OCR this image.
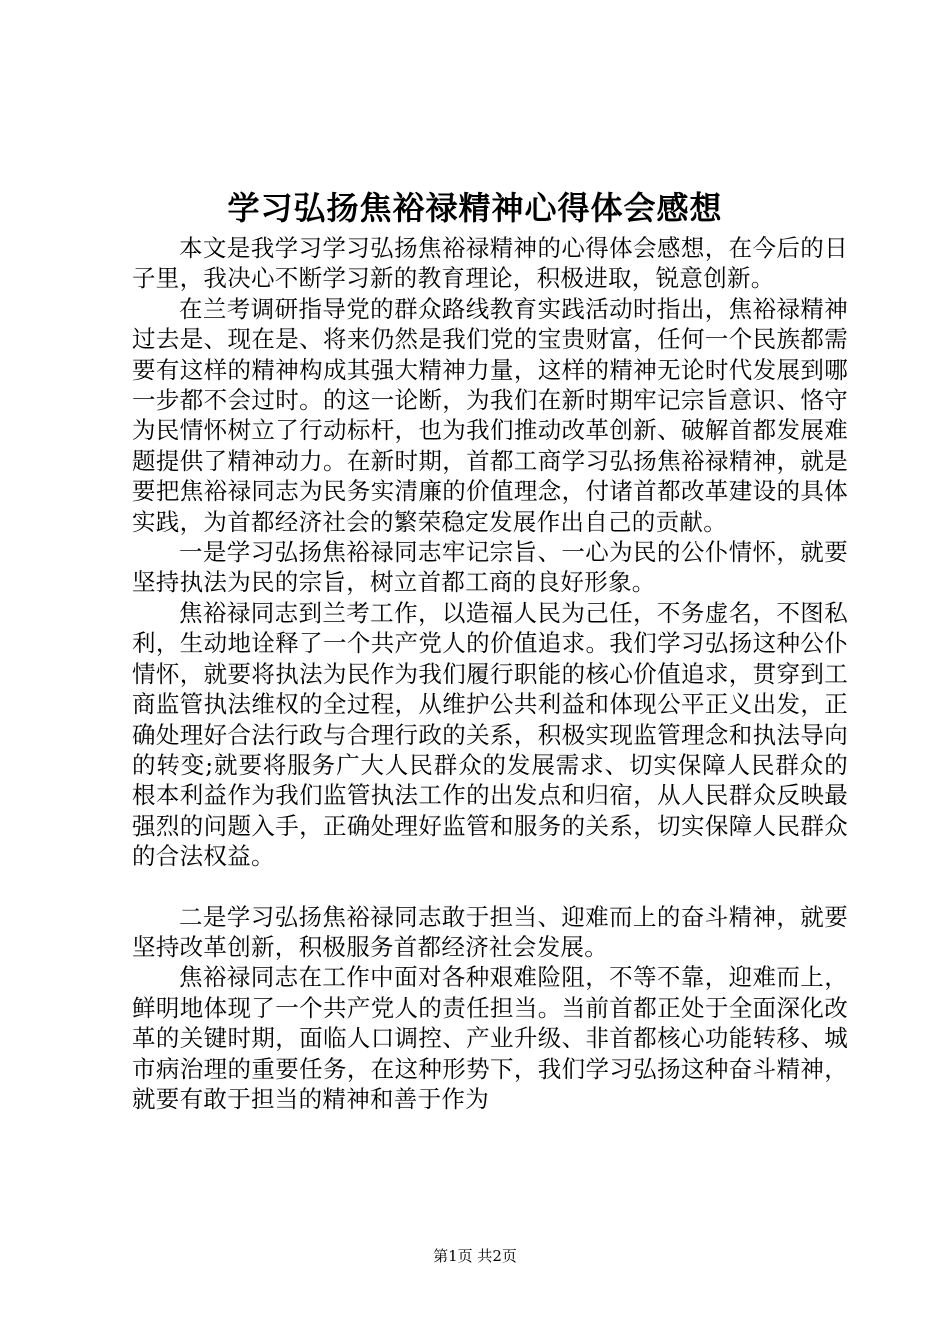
学习弘扬焦裕禄精神心得体会感想

本文是我学习学习弘扬焦裕禄精神的心得体会感想，在今后的日子里，我决心不断学习新的教育理论，积极进取，锐意创新。

在兰考调研指导党的群众路线教育实践活动时指出，焦裕禄精神过去是、现在是、将来仍然是我们党的宝贵财富，任何一个民族都需要有这样的精神构成其强大精神力量，这样的精神无论时代发展到哪一步都不会过时。的这一论断，为我们在新时期牢记宗旨意识、恪守为民情怀树立了行动标杆，也为我们推动改革创新、破解首都发展难题提供了精神动力。在新时期，首都工商学习弘扬焦裕禄精神，就是要把焦裕禄同志为民务实清廉的价值理念，付诸首都改革建设的具体实践，为首都经济社会的繁荣稳定发展作出自己的贡献。

一是学习弘扬焦裕禄同志牢记宗旨、一心为民的公仆情怀，就要坚持执法为民的宗旨，树立首都工商的良好形象。

焦裕禄同志到兰考工作，以造福人民为己任，不务虚名，不图私利，生动地诠释了一个共产党人的价值追求。我们学习弘扬这种公仆情怀，就要将执法为民作为我们履行职能的核心价值追求，贯穿到工商监管执法维权的全过程，从维护公共利益和体现公平正义出发，正确处理好合法行政与合理行政的关系，积极实现监管理念和执法导向的转变;就要将服务广大人民群众的发展需求、切实保障人民群众的根本利益作为我们监管执法工作的出发点和归宿，从人民群众反映最强烈的问题入手，正确处理好监管和服务的关系，切实保障人民群众的合法权益。

二是学习弘扬焦裕禄同志敢于担当、迎难而上的奋斗精神，就要坚持改革创新，积极服务首都经济社会发展。

焦裕禄同志在工作中面对各种艰难险阻，不等不靠，迎难而上，鲜明地体现了一个共产党人的责任担当。当前首都正处于全面深化改革的关键时期，面临人口调控、产业升级、非首都核心功能转移、城市病治理的重要任务，在这种形势下，我们学习弘扬这种奋斗精神，就要有敢于担当的精神和善于作为

第1页 共2页
